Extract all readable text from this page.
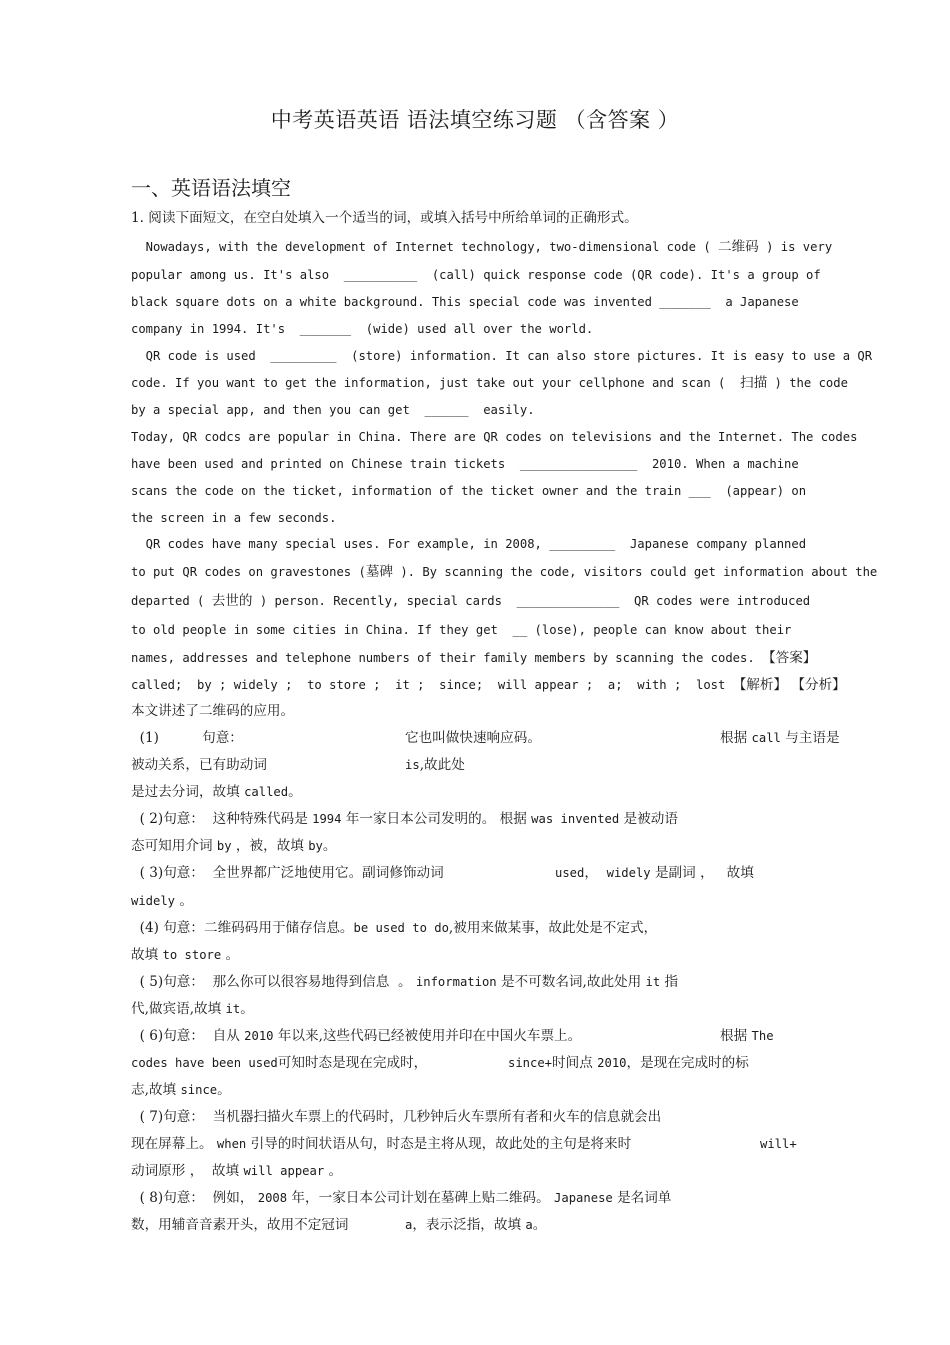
中考英语英语 语法填空练习题 （含答案 ）
一、英语语法填空
1. 阅读下面短文，在空白处填入一个适当的词，或填入括号中所给单词的正确形式。
Nowadays, with the development of Internet technology, two-dimensional code ( 二维码 ) is very
popular among us. It's also  __________  (call) quick response code (QR code). It's a group of
black square dots on a white background. This special code was invented _______  a Japanese
company in 1994. It's  _______  (wide) used all over the world.
QR code is used  _________  (store) information. It can also store pictures. It is easy to use a QR
code. If you want to get the information, just take out your cellphone and scan (  扫描 ) the code
by a special app, and then you can get  ______  easily.
Today, QR codcs are popular in China. There are QR codes on televisions and the Internet. The codes
have been used and printed on Chinese train tickets  ________________  2010. When a machine
scans the code on the ticket, information of the ticket owner and the train ___  (appear) on
the screen in a few seconds.
QR codes have many special uses. For example, in 2008, _________  Japanese company planned
to put QR codes on gravestones (墓碑 ). By scanning the code, visitors could get information about the
departed ( 去世的 ) person. Recently, special cards  ______________  QR codes were introduced
to old people in some cities in China. If they get  __ (lose), people can know about their
names, addresses and telephone numbers of their family members by scanning the codes. 【答案】
called;  by ; widely ;  to store ;  it ;  since;  will appear ;  a;  with ;  lost 【解析】 【分析】
本文讲述了二维码的应用。
(1)          句意：	它也叫做快速响应码。	根据 call 与主语是
被动关系，已有助动词	is,故此处
是过去分词，故填 called。
( 2)句意：  这种特殊代码是 1994 年一家日本公司发明的。 根据 was invented 是被动语
态可知用介词 by ，被，故填 by。
( 3)句意：  全世界都广泛地使用它。副词修饰动词	used，  widely 是副词 ，   故填
widely 。
(4) 句意：二维码码用于储存信息。be used to do,被用来做某事，故此处是不定式，
故填 to store 。
( 5)句意：  那么你可以很容易地得到信息  。 information 是不可数名词,故此处用 it 指
代,做宾语,故填 it。
( 6)句意：  自从 2010 年以来,这些代码已经被使用并印在中国火车票上。	根据 The
codes have been used可知时态是现在完成时，	since+时间点 2010，是现在完成时的标
志,故填 since。
( 7)句意：  当机器扫描火车票上的代码时，几秒钟后火车票所有者和火车的信息就会出
现在屏幕上。 when 引导的时间状语从句，时态是主将从现，故此处的主句是将来时	will+
动词原形 ，  故填 will appear 。
( 8)句意：  例如， 2008 年，一家日本公司计划在墓碑上贴二维码。 Japanese 是名词单
数，用辅音音素开头，故用不定冠词	a，表示泛指，故填 a。
